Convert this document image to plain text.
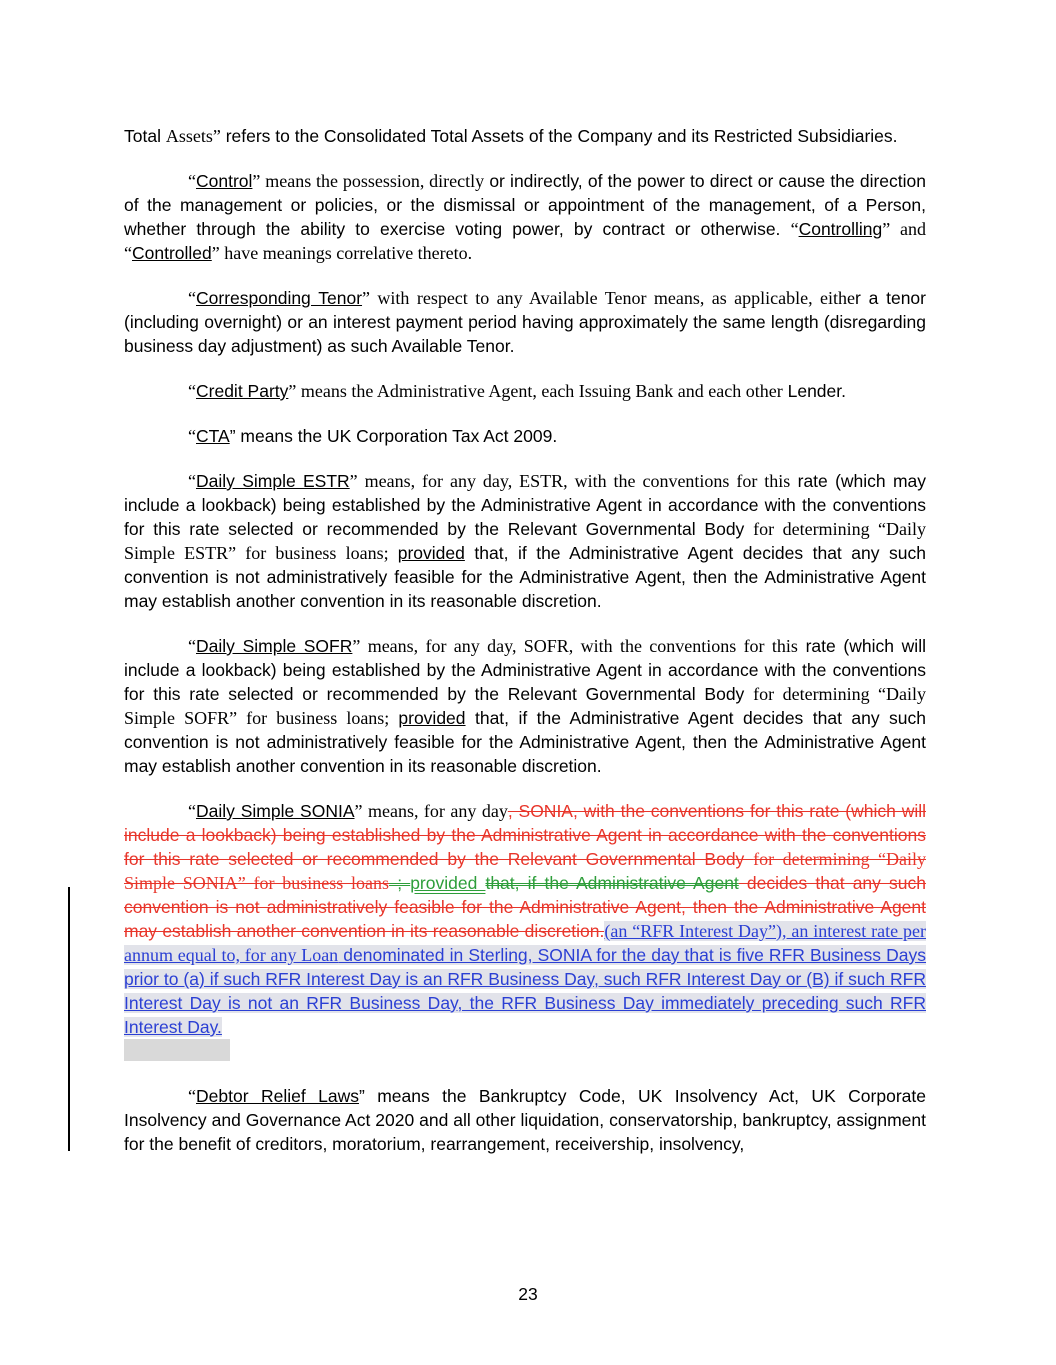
Total Assets” refers to the Consolidated Total Assets of the Company and its Restricted Subsidiaries.

“Control” means the possession, directly or indirectly, of the power to direct or cause the direction of the management or policies, or the dismissal or appointment of the management, of a Person, whether through the ability to exercise voting power, by contract or otherwise. “Controlling” and “Controlled” have meanings correlative thereto.

“Corresponding Tenor” with respect to any Available Tenor means, as applicable, either a tenor (including overnight) or an interest payment period having approximately the same length (disregarding business day adjustment) as such Available Tenor.

“Credit Party” means the Administrative Agent, each Issuing Bank and each other Lender.

“CTA” means the UK Corporation Tax Act 2009.

“Daily Simple ESTR” means, for any day, ESTR, with the conventions for this rate (which may include a lookback) being established by the Administrative Agent in accordance with the conventions for this rate selected or recommended by the Relevant Governmental Body for determining “Daily Simple ESTR” for business loans; provided that, if the Administrative Agent decides that any such convention is not administratively feasible for the Administrative Agent, then the Administrative Agent may establish another convention in its reasonable discretion.

“Daily Simple SOFR” means, for any day, SOFR, with the conventions for this rate (which will include a lookback) being established by the Administrative Agent in accordance with the conventions for this rate selected or recommended by the Relevant Governmental Body for determining “Daily Simple SOFR” for business loans; provided that, if the Administrative Agent decides that any such convention is not administratively feasible for the Administrative Agent, then the Administrative Agent may establish another convention in its reasonable discretion.

“Daily Simple SONIA” means, for any day, SONIA, with the conventions for this rate (which will include a lookback) being established by the Administrative Agent in accordance with the conventions for this rate selected or recommended by the Relevant Governmental Body for determining “Daily Simple SONIA” for business loans ; provided that, if the Administrative Agent decides that any such convention is not administratively feasible for the Administrative Agent, then the Administrative Agent may establish another convention in its reasonable discretion.(an “RFR Interest Day”), an interest rate per annum equal to, for any Loan denominated in Sterling, SONIA for the day that is five RFR Business Days prior to (a) if such RFR Interest Day is an RFR Business Day, such RFR Interest Day or (B) if such RFR Interest Day is not an RFR Business Day, the RFR Business Day immediately preceding such RFR Interest Day.

“Debtor Relief Laws” means the Bankruptcy Code, UK Insolvency Act, UK Corporate Insolvency and Governance Act 2020 and all other liquidation, conservatorship, bankruptcy, assignment for the benefit of creditors, moratorium, rearrangement, receivership, insolvency,

23
